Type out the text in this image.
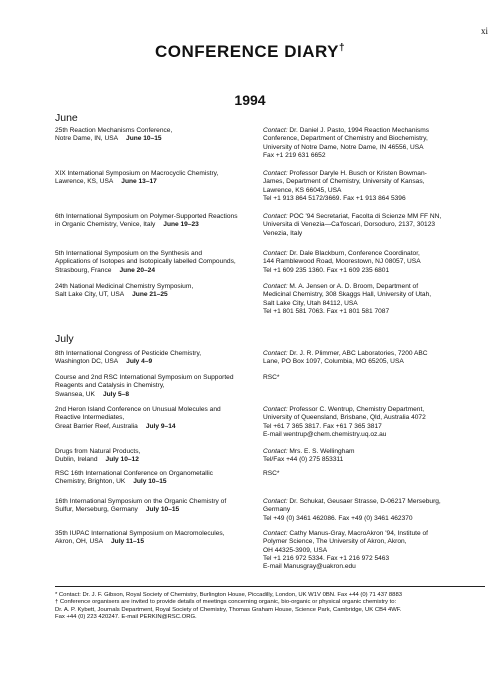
xi
CONFERENCE DIARY†
1994
June
25th Reaction Mechanisms Conference,
Notre Dame, IN, USA June 10–15
Contact: Dr. Daniel J. Pasto, 1994 Reaction Mechanisms
Conference, Department of Chemistry and Biochemistry,
University of Notre Dame, Notre Dame, IN 46556, USA
Fax +1 219 631 6652
XIX International Symposium on Macrocyclic Chemistry,
Lawrence, KS, USA June 13–17
Contact: Professor Daryle H. Busch or Kristen Bowman-
James, Department of Chemistry, University of Kansas,
Lawrence, KS 66045, USA
Tel +1 913 864 5172/3669. Fax +1 913 864 5396
6th International Symposium on Polymer-Supported Reactions
in Organic Chemistry, Venice, Italy June 19–23
Contact: POC '94 Secretariat, Facolta di Scienze MM FF NN,
Universita di Venezia—Ca'foscari, Dorsoduro, 2137, 30123
Venezia, Italy
5th International Symposium on the Synthesis and
Applications of Isotopes and Isotopically labelled Compounds,
Strasbourg, France June 20–24
Contact: Dr. Dale Blackburn, Conference Coordinator,
144 Ramblewood Road, Moorestown, NJ 08057, USA
Tel +1 609 235 1360. Fax +1 609 235 6801
24th National Medicinal Chemistry Symposium,
Salt Lake City, UT, USA June 21–25
Contact: M. A. Jensen or A. D. Broom, Department of
Medicinal Chemistry, 308 Skaggs Hall, University of Utah,
Salt Lake City, Utah 84112, USA
Tel +1 801 581 7063. Fax +1 801 581 7087
July
8th International Congress of Pesticide Chemistry,
Washington DC, USA July 4–9
Contact: Dr. J. R. Plimmer, ABC Laboratories, 7200 ABC
Lane, PO Box 1097, Columbia, MO 65205, USA
Course and 2nd RSC International Symposium on Supported
Reagents and Catalysis in Chemistry,
Swansea, UK July 5–8
RSC*
2nd Heron Island Conference on Unusual Molecules and
Reactive Intermediates,
Great Barrier Reef, Australia July 9–14
Contact: Professor C. Wentrup, Chemistry Department,
University of Queensland, Brisbane, Qld, Australia 4072
Tel +61 7 365 3817. Fax +61 7 365 3817
E-mail wentrup@chem.chemistry.uq.oz.au
Drugs from Natural Products,
Dublin, Ireland July 10–12
Contact: Mrs. E. S. Wellingham
Tel/Fax +44 (0) 275 853311
RSC 16th International Conference on Organometallic
Chemistry, Brighton, UK July 10–15
RSC*
16th International Symposium on the Organic Chemistry of
Sulfur, Merseburg, Germany July 10–15
Contact: Dr. Schukat, Geusaer Strasse, D-06217 Merseburg,
Germany
Tel +49 (0) 3461 462086. Fax +49 (0) 3461 462370
35th IUPAC International Symposium on Macromolecules,
Akron, OH, USA July 11–15
Contact: Cathy Manus-Gray, MacroAkron '94, Institute of
Polymer Science, The University of Akron, Akron,
OH 44325-3909, USA
Tel +1 216 972 5334. Fax +1 216 972 5463
E-mail Manusgray@uakron.edu
* Contact: Dr. J. F. Gibson, Royal Society of Chemistry, Burlington House, Piccadilly, London, UK W1V 0BN. Fax +44 (0) 71 437 8883
† Conference organisers are invited to provide details of meetings concerning organic, bio-organic or physical organic chemistry to:
Dr. A. P. Kybett, Journals Department, Royal Society of Chemistry, Thomas Graham House, Science Park, Cambridge, UK CB4 4WF.
Fax +44 (0) 223 420247. E-mail PERKIN@RSC.ORG.
